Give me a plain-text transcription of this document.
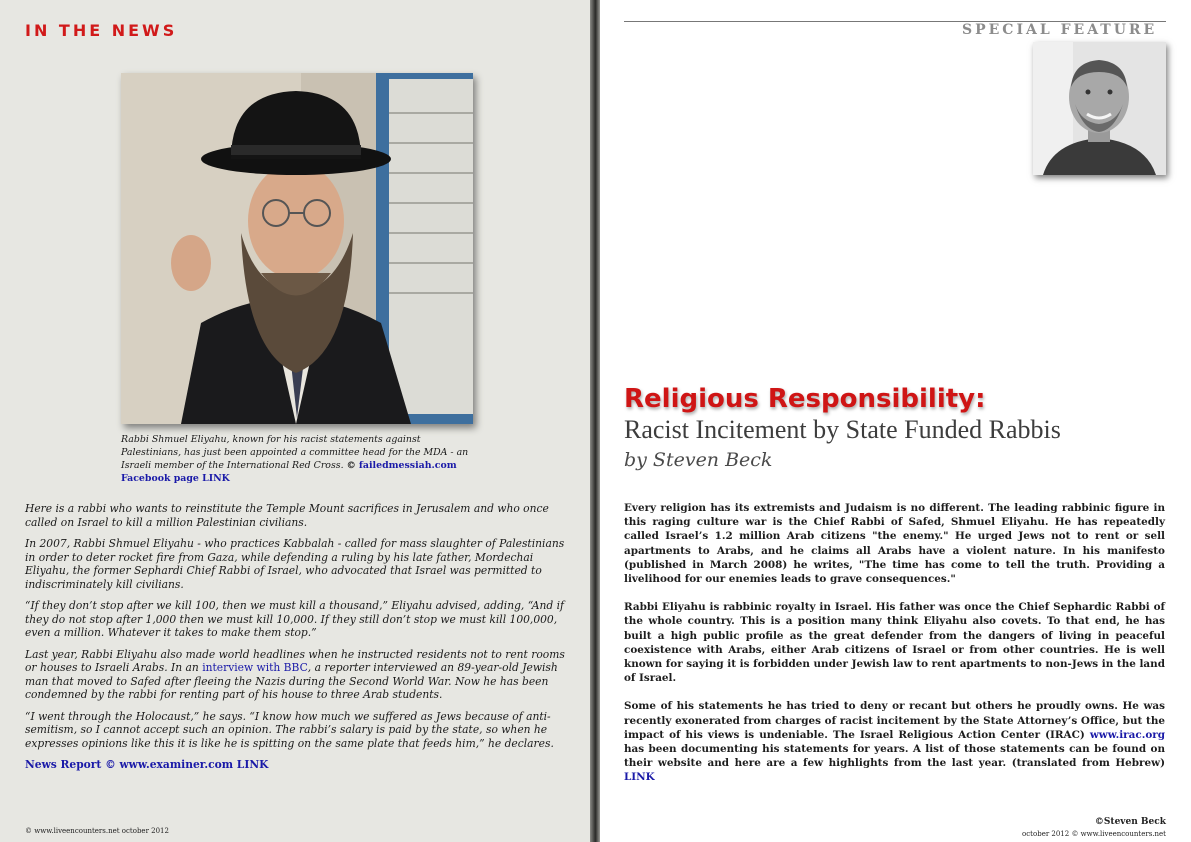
IN THE NEWS
Rabbi Shmuel Eliyahu, known for his racist statements against Palestinians, has just been appointed a committee head for the MDA - an Israeli member of the International Red Cross. © failedmessiah.com Facebook page LINK

Here is a rabbi who wants to reinstitute the Temple Mount sacrifices in Jerusalem and who once called on Israel to kill a million Palestinian civilians.

In 2007, Rabbi Shmuel Eliyahu - who practices Kabbalah - called for mass slaughter of Palestinians in order to deter rocket fire from Gaza, while defending a ruling by his late father, Mordechai Eliyahu, the former Sephardi Chief Rabbi of Israel, who advocated that Israel was permitted to indiscriminately kill civilians.

“If they don’t stop after we kill 100, then we must kill a thousand,” Eliyahu advised, adding, “And if they do not stop after 1,000 then we must kill 10,000. If they still don’t stop we must kill 100,000, even a million. Whatever it takes to make them stop.”

Last year, Rabbi Eliyahu also made world headlines when he instructed residents not to rent rooms or houses to Israeli Arabs. In an interview with BBC, a reporter interviewed an 89-year-old Jewish man that moved to Safed after fleeing the Nazis during the Second World War. Now he has been condemned by the rabbi for renting part of his house to three Arab students.

“I went through the Holocaust,” he says. “I know how much we suffered as Jews because of anti-semitism, so I cannot accept such an opinion. The rabbi’s salary is paid by the state, so when he expresses opinions like this it is like he is spitting on the same plate that feeds him,” he declares.

News Report © www.examiner.com LINK

© www.liveencounters.net october 2012
SPECIAL FEATURE
Religious Responsibility:
Racist Incitement by State Funded Rabbis
by Steven Beck

Every religion has its extremists and Judaism is no different. The leading rabbinic figure in this raging culture war is the Chief Rabbi of Safed, Shmuel Eliyahu. He has repeatedly called Israel’s 1.2 million Arab citizens "the enemy." He urged Jews not to rent or sell apartments to Arabs, and he claims all Arabs have a violent nature. In his manifesto (published in March 2008) he writes, "The time has come to tell the truth. Providing a livelihood for our enemies leads to grave consequences."

Rabbi Eliyahu is rabbinic royalty in Israel. His father was once the Chief Sephardic Rabbi of the whole country. This is a position many think Eliyahu also covets. To that end, he has built a high public profile as the great defender from the dangers of living in peaceful coexistence with Arabs, either Arab citizens of Israel or from other countries. He is well known for saying it is forbidden under Jewish law to rent apartments to non-Jews in the land of Israel.

Some of his statements he has tried to deny or recant but others he proudly owns. He was recently exonerated from charges of racist incitement by the State Attorney’s Office, but the impact of his views is undeniable. The Israel Religious Action Center (IRAC) www.irac.org has been documenting his statements for years. A list of those statements can be found on their website and here are a few highlights from the last year. (translated from Hebrew) LINK

©Steven Beck
october 2012 © www.liveencounters.net
